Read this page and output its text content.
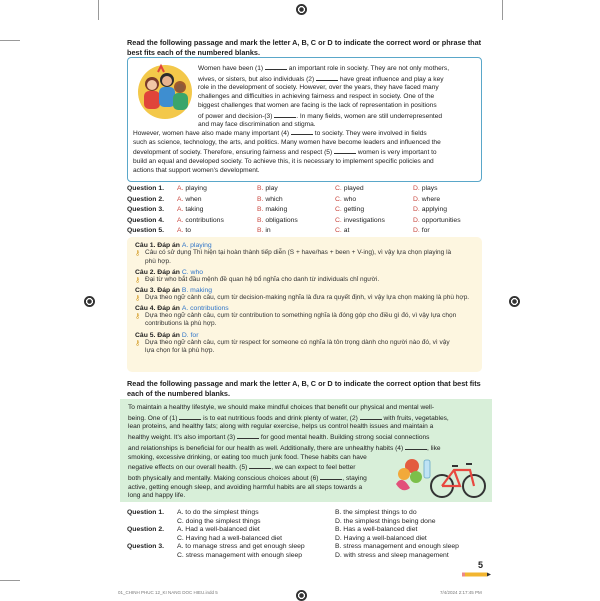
Read the following passage and mark the letter A, B, C or D to indicate the correct word or phrase that best fits each of the numbered blanks.
Women have been (1)	an important role in society. They are not only mothers,
wives, or sisters, but also individuals (2)	have great influence and play a key
role in the development of society. However, over the years, they have faced many
challenges and difficulties in achieving fairness and respect in society. One of the
biggest challenges that women are facing is the lack of representation in positions
of power and decision-(3)	. In many fields, women are still underrepresented
and may face discrimination and stigma.
However, women have also made many important (4)	to society. They were involved in fields
such as science, technology, the arts, and politics. Many women have become leaders and influenced the
development of society. Therefore, ensuring fairness and respect (5)	women is very important to
build an equal and developed society. To achieve this, it is necessary to implement specific policies and
actions that support women's development.
Question 1. A. playing	B. play	C. played	D. plays
Question 2. A. when	B. which	C. who	D. where
Question 3. A. taking	B. making	C. getting	D. applying
Question 4. A. contributions	B. obligations	C. investigations	D. opportunities
Question 5. A. to	B. in	C. at	D. for
Câu 1. Đáp án A. playing
⚷ Câu có sử dụng Thì hiện tại hoàn thành tiếp diễn (S + have/has + been + V-ing), vì vậy lựa chọn playing là
phù hợp.
Câu 2. Đáp án C. who
⚷ Đại từ who bắt đầu mệnh đề quan hệ bổ nghĩa cho danh từ individuals chỉ người.
Câu 3. Đáp án B. making
⚷ Dựa theo ngữ cảnh câu, cụm từ decision-making nghĩa là đưa ra quyết định, vì vậy lựa chọn making là phù hợp.
Câu 4. Đáp án A. contributions
⚷ Dựa theo ngữ cảnh câu, cụm từ contribution to something nghĩa là đóng góp cho điều gì đó, vì vậy lựa chọn
contributions là phù hợp.
Câu 5. Đáp án D. for
⚷ Dựa theo ngữ cảnh câu, cụm từ respect for someone có nghĩa là tôn trọng dành cho người nào đó, vì vậy
lựa chọn for là phù hợp.
Read the following passage and mark the letter A, B, C or D to indicate the correct option that best fits each of the numbered blanks.
To maintain a healthy lifestyle, we should make mindful choices that benefit our physical and mental well-
being. One of (1)	is to eat nutritious foods and drink plenty of water, (2)	with fruits, vegetables,
lean proteins, and healthy fats; along with regular exercise, helps us control health issues and maintain a
healthy weight. It's also important (3)	for good mental health. Building strong social connections
and relationships is beneficial for our health as well. Additionally, there are unhealthy habits (4)	, like
smoking, excessive drinking, or eating too much junk food. These habits can have
negative effects on our overall health. (5)	, we can expect to feel better
both physically and mentally. Making conscious choices about (6)	, staying
active, getting enough sleep, and avoiding harmful habits are all steps towards a
long and happy life.
Question 1. A. to do the simplest things	B. the simplest things to do
C. doing the simplest things	D. the simplest things being done
Question 2. A. Had a well-balanced diet	B. Has a well-balanced diet
C. Having had a well-balanced diet	D. Having a well-balanced diet
Question 3. A. to manage stress and get enough sleep	B. stress management and enough sleep
C. stress management with enough sleep	D. with stress and sleep management
5
01_CHINH PHUC 12_KI NANG DOC HIEU.indd 5	7/4/2024 2:17:45 PM
